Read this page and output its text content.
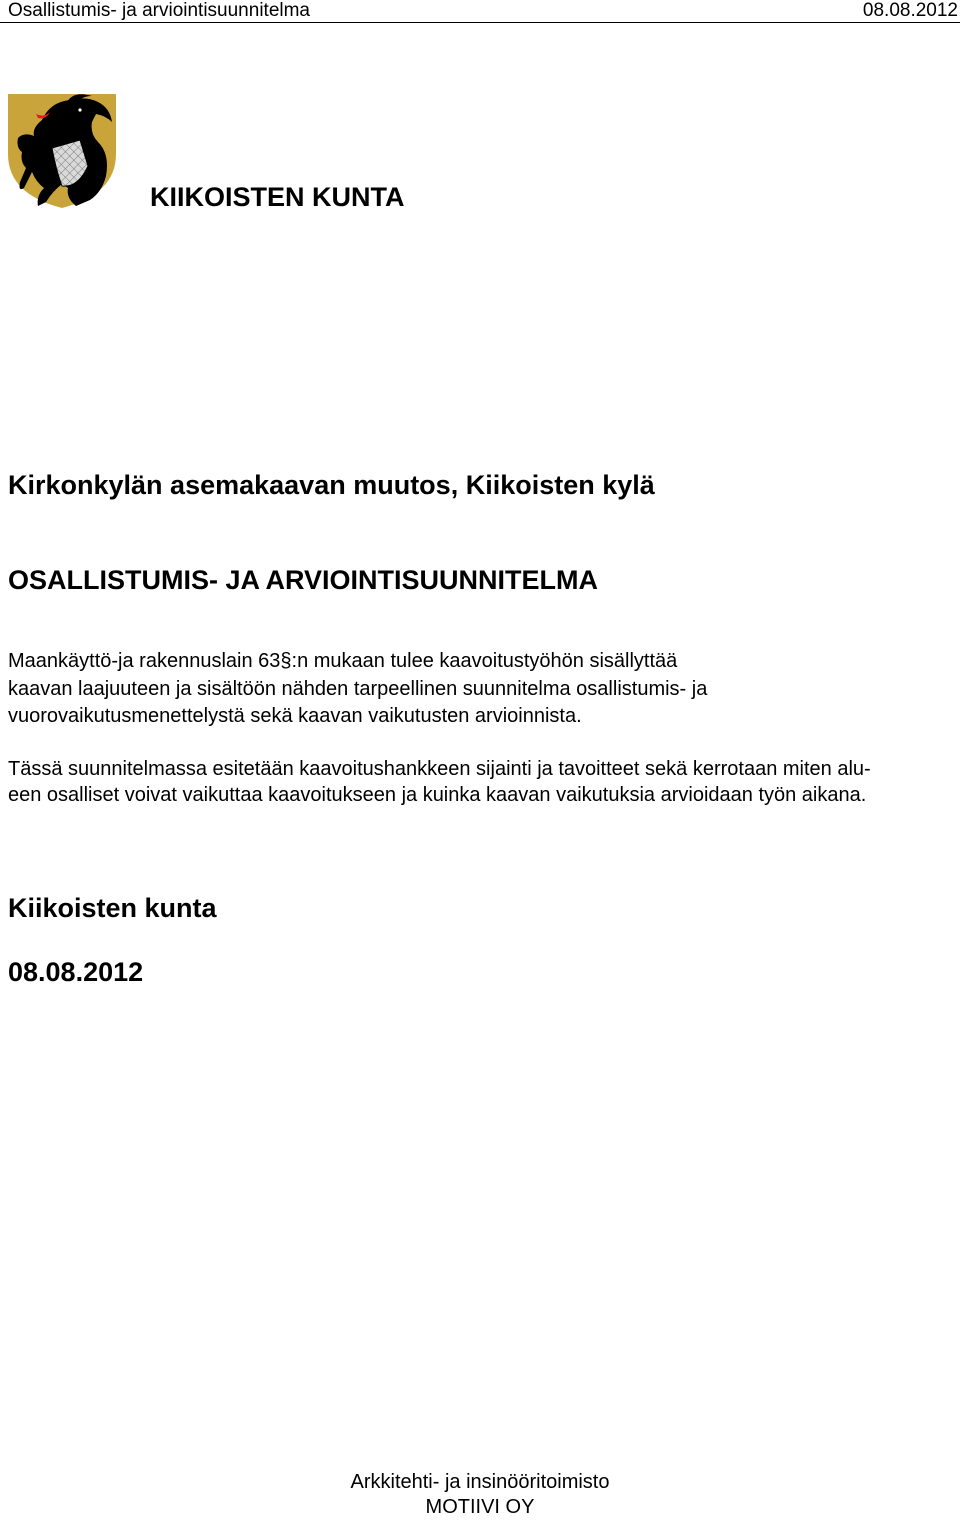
Osallistumis- ja arviointisuunnitelma	08.08.2012
KIIKOISTEN KUNTA
Kirkonkylän asemakaavan muutos, Kiikoisten kylä
OSALLISTUMIS- JA ARVIOINTISUUNNITELMA
Maankäyttö-ja rakennuslain 63§:n mukaan tulee kaavoitustyöhön sisällyttää
kaavan laajuuteen ja sisältöön nähden tarpeellinen suunnitelma osallistumis- ja
vuorovaikutusmenettelystä sekä kaavan vaikutusten arvioinnista.
Tässä suunnitelmassa esitetään kaavoitushankkeen sijainti ja tavoitteet sekä kerrotaan miten alu-
een osalliset voivat vaikuttaa kaavoitukseen ja kuinka kaavan vaikutuksia arvioidaan työn aikana.
Kiikoisten kunta
08.08.2012
Arkkitehti- ja insinööritoimisto
MOTIIVI OY
